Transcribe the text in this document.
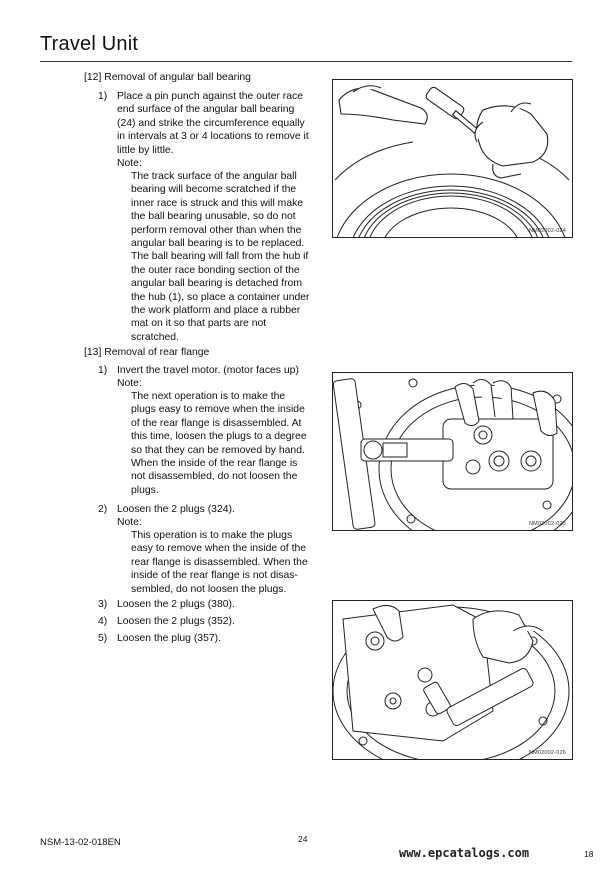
Travel Unit
[12] Removal of angular ball bearing
1) Place a pin punch against the outer race
end surface of the angular ball bearing
(24) and strike the circumference equally
in intervals at 3 or 4 locations to remove it
little by little.
Note:
The track surface of the angular ball
bearing will become scratched if the
inner race is struck and this will make
the ball bearing unusable, so do not
perform removal other than when the
angular ball bearing is to be replaced.
The ball bearing will fall from the hub if
the outer race bonding section of the
angular ball bearing is detached from
the hub (1), so place a container under
the work platform and place a rubber
mat on it so that parts are not
scratched.
[13] Removal of rear flange
1) Invert the travel motor. (motor faces up)
Note:
The next operation is to make the
plugs easy to remove when the inside
of the rear flange is disassembled. At
this time, loosen the plugs to a degree
so that they can be removed by hand.
When the inside of the rear flange is
not disassembled, do not loosen the
plugs.
2) Loosen the 2 plugs (324).
Note:
This operation is to make the plugs
easy to remove when the inside of the
rear flange is disassembled. When the
inside of the rear flange is not disas-
sembled, do not loosen the plugs.
3) Loosen the 2 plugs (380).
4) Loosen the 2 plugs (352).
5) Loosen the plug (357).
NM02002-024
NM02002-025
NM02002-026
NSM-13-02-018EN	24
www.epcatalogs.com	18
